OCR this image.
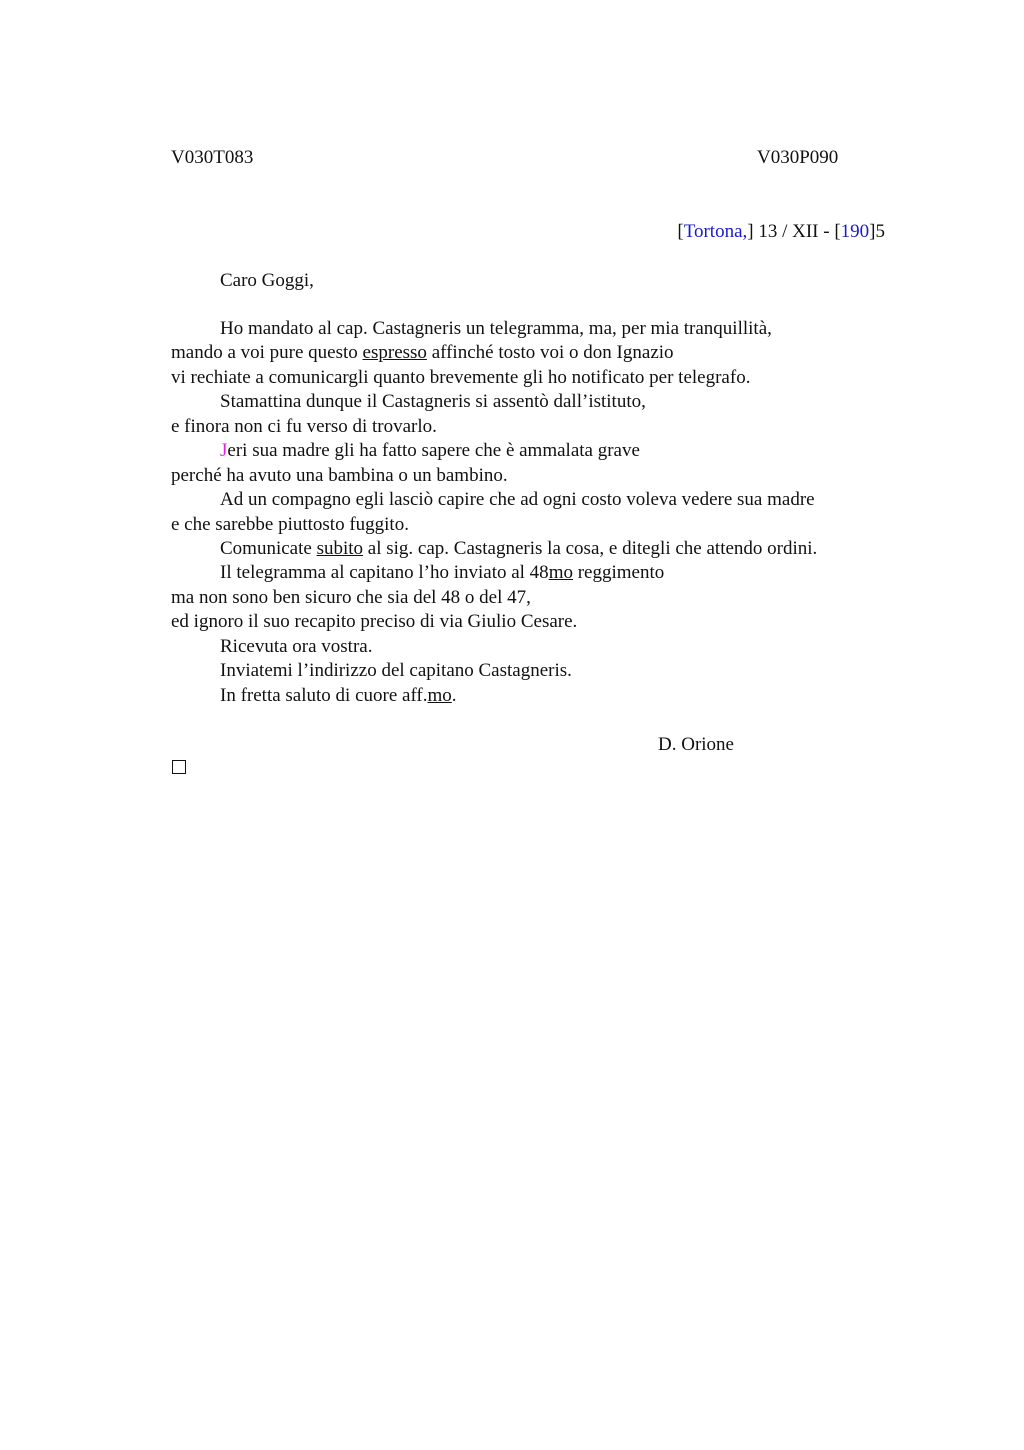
V030T083	V030P090
[Tortona,] 13 / XII - [190]5
Caro Goggi,
Ho mandato al cap. Castagneris un telegramma, ma, per mia tranquillità,
mando a voi pure questo espresso affinché tosto voi o don Ignazio
vi rechiate a comunicargli quanto brevemente gli ho notificato per telegrafo.
Stamattina dunque il Castagneris si assentò dall’istituto,
e finora non ci fu verso di trovarlo.
Jeri sua madre gli ha fatto sapere che è ammalata grave
perché ha avuto una bambina o un bambino.
Ad un compagno egli lasciò capire che ad ogni costo voleva vedere sua madre
e che sarebbe piuttosto fuggito.
Comunicate subito al sig. cap. Castagneris la cosa, e ditegli che attendo ordini.
Il telegramma al capitano l’ho inviato al 48mo reggimento
ma non sono ben sicuro che sia del 48 o del 47,
ed ignoro il suo recapito preciso di via Giulio Cesare.
Ricevuta ora vostra.
Inviatemi l’indirizzo del capitano Castagneris.
In fretta saluto di cuore aff.mo.
D. Orione
